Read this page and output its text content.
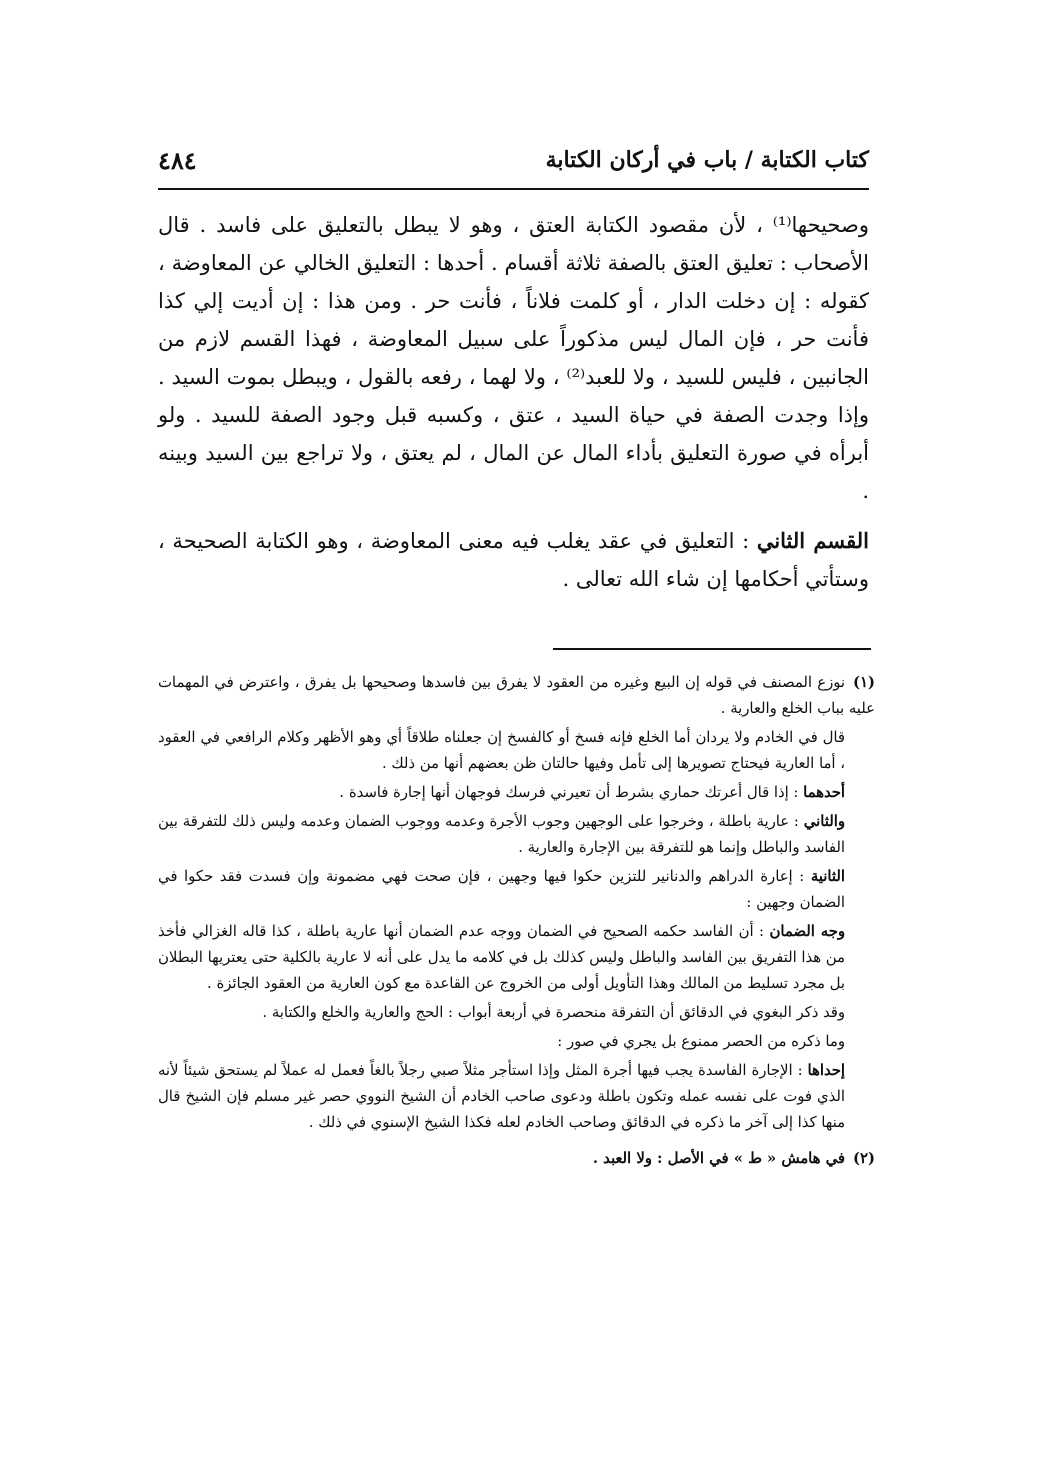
٤٨٤	كتاب الكتابة / باب في أركان الكتابة

وصحيحها⁽¹⁾ ، لأن مقصود الكتابة العتق ، وهو لا يبطل بالتعليق على فاسد . قال الأصحاب : تعليق العتق بالصفة ثلاثة أقسام . أحدها : التعليق الخالي عن المعاوضة ، كقوله : إن دخلت الدار ، أو كلمت فلاناً ، فأنت حر . ومن هذا : إن أديت إلي كذا فأنت حر ، فإن المال ليس مذكوراً على سبيل المعاوضة ، فهذا القسم لازم من الجانبين ، فليس للسيد ، ولا للعبد⁽²⁾ ، ولا لهما ، رفعه بالقول ، ويبطل بموت السيد . وإذا وجدت الصفة في حياة السيد ، عتق ، وكسبه قبل وجود الصفة للسيد . ولو أبرأه في صورة التعليق بأداء المال عن المال ، لم يعتق ، ولا تراجع بين السيد وبينه .

القسم الثاني : التعليق في عقد يغلب فيه معنى المعاوضة ، وهو الكتابة الصحيحة ، وستأتي أحكامها إن شاء الله تعالى .

(١)نوزع المصنف في قوله إن البيع وغيره من العقود لا يفرق بين فاسدها وصحيحها بل يفرق ، واعترض في المهمات عليه بباب الخلع والعارية .

قال في الخادم ولا يردان أما الخلع فإنه فسخ أو كالفسخ إن جعلناه طلاقاً أي وهو الأظهر وكلام الرافعي في العقود ، أما العارية فيحتاج تصويرها إلى تأمل وفيها حالتان ظن بعضهم أنها من ذلك .

أحدهما : إذا قال أعرتك حماري بشرط أن تعيرني فرسك فوجهان أنها إجارة فاسدة .

والثاني : عارية باطلة ، وخرجوا على الوجهين وجوب الأجرة وعدمه ووجوب الضمان وعدمه وليس ذلك للتفرقة بين الفاسد والباطل وإنما هو للتفرقة بين الإجارة والعارية .

الثانية : إعارة الدراهم والدنانير للتزين حكوا فيها وجهين ، فإن صحت فهي مضمونة وإن فسدت فقد حكوا في الضمان وجهين :

وجه الضمان : أن الفاسد حكمه الصحيح في الضمان ووجه عدم الضمان أنها عارية باطلة ، كذا قاله الغزالي فأخذ من هذا التفريق بين الفاسد والباطل وليس كذلك بل في كلامه ما يدل على أنه لا عارية بالكلية حتى يعتريها البطلان بل مجرد تسليط من المالك وهذا التأويل أولى من الخروج عن القاعدة مع كون العارية من العقود الجائزة .

وقد ذكر البغوي في الدقائق أن التفرقة منحصرة في أربعة أبواب : الحج والعارية والخلع والكتابة .

وما ذكره من الحصر ممنوع بل يجري في صور :

إحداها : الإجارة الفاسدة يجب فيها أجرة المثل وإذا استأجر مثلاً صبي رجلاً بالغاً فعمل له عملاً لم يستحق شيئاً لأنه الذي فوت على نفسه عمله وتكون باطلة ودعوى صاحب الخادم أن الشيخ النووي حصر غير مسلم فإن الشيخ قال منها كذا إلى آخر ما ذكره في الدقائق وصاحب الخادم لعله فكذا الشيخ الإسنوي في ذلك .

(٢)في هامش « ط » في الأصل : ولا العبد .
